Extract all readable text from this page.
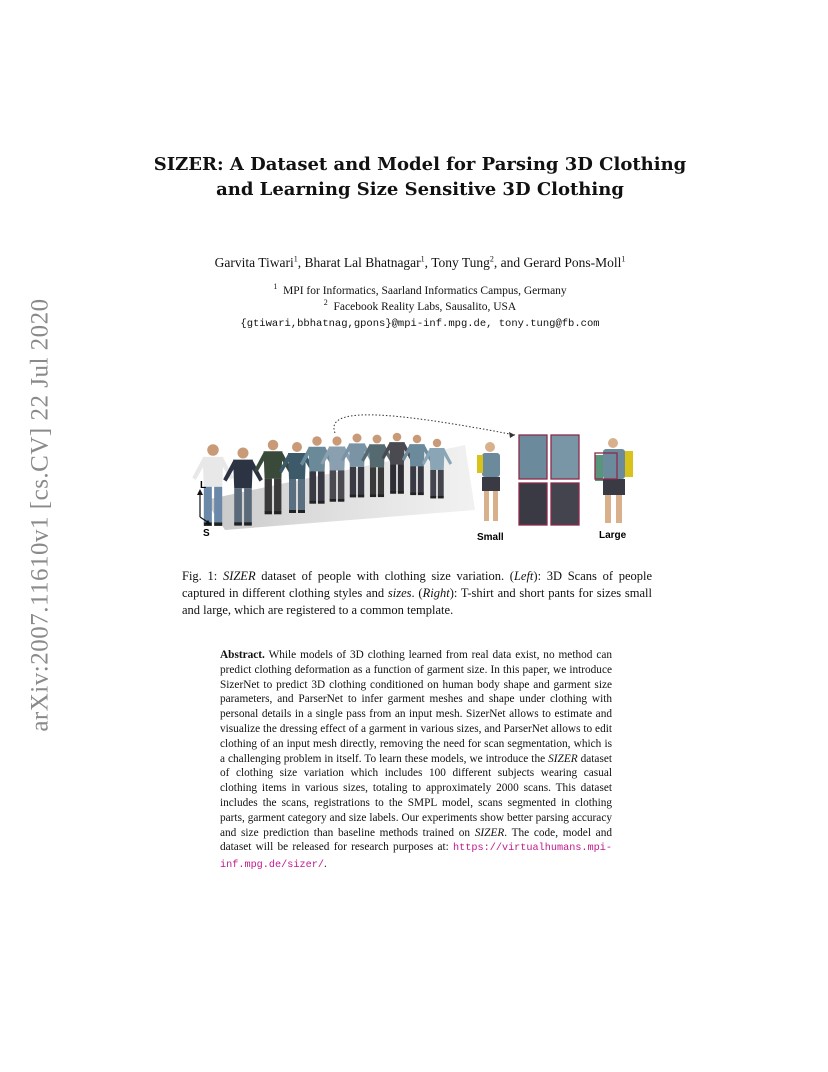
arXiv:2007.11610v1 [cs.CV] 22 Jul 2020
SIZER: A Dataset and Model for Parsing 3D Clothing and Learning Size Sensitive 3D Clothing
Garvita Tiwari$^1$, Bharat Lal Bhatnagar$^1$, Tony Tung$^2$, and Gerard Pons-Moll$^1$
$^1$ MPI for Informatics, Saarland Informatics Campus, Germany
$^2$ Facebook Reality Labs, Sausalito, USA
{gtiwari,bbhatnag,gpons}@mpi-inf.mpg.de, tony.tung@fb.com
L
S	Small	Large

Fig. 1: SIZER dataset of people with clothing size variation. (Left): 3D Scans of people captured in different clothing styles and sizes. (Right): T-shirt and short pants for sizes small and large, which are registered to a common template.

Abstract. While models of 3D clothing learned from real data exist, no method can predict clothing deformation as a function of garment size. In this paper, we introduce SizerNet to predict 3D clothing conditioned on human body shape and garment size parameters, and ParserNet to infer garment meshes and shape under clothing with personal details in a single pass from an input mesh. SizerNet allows to estimate and visualize the dressing effect of a garment in various sizes, and ParserNet allows to edit clothing of an input mesh directly, removing the need for scan segmentation, which is a challenging problem in itself. To learn these models, we introduce the SIZER dataset of clothing size variation which includes 100 different subjects wearing casual clothing items in various sizes, totaling to approximately 2000 scans. This dataset includes the scans, registrations to the SMPL model, scans segmented in clothing parts, garment category and size labels. Our experiments show better parsing accuracy and size prediction than baseline methods trained on SIZER. The code, model and dataset will be released for research purposes at: https://virtualhumans.mpi-inf.mpg.de/sizer/.
